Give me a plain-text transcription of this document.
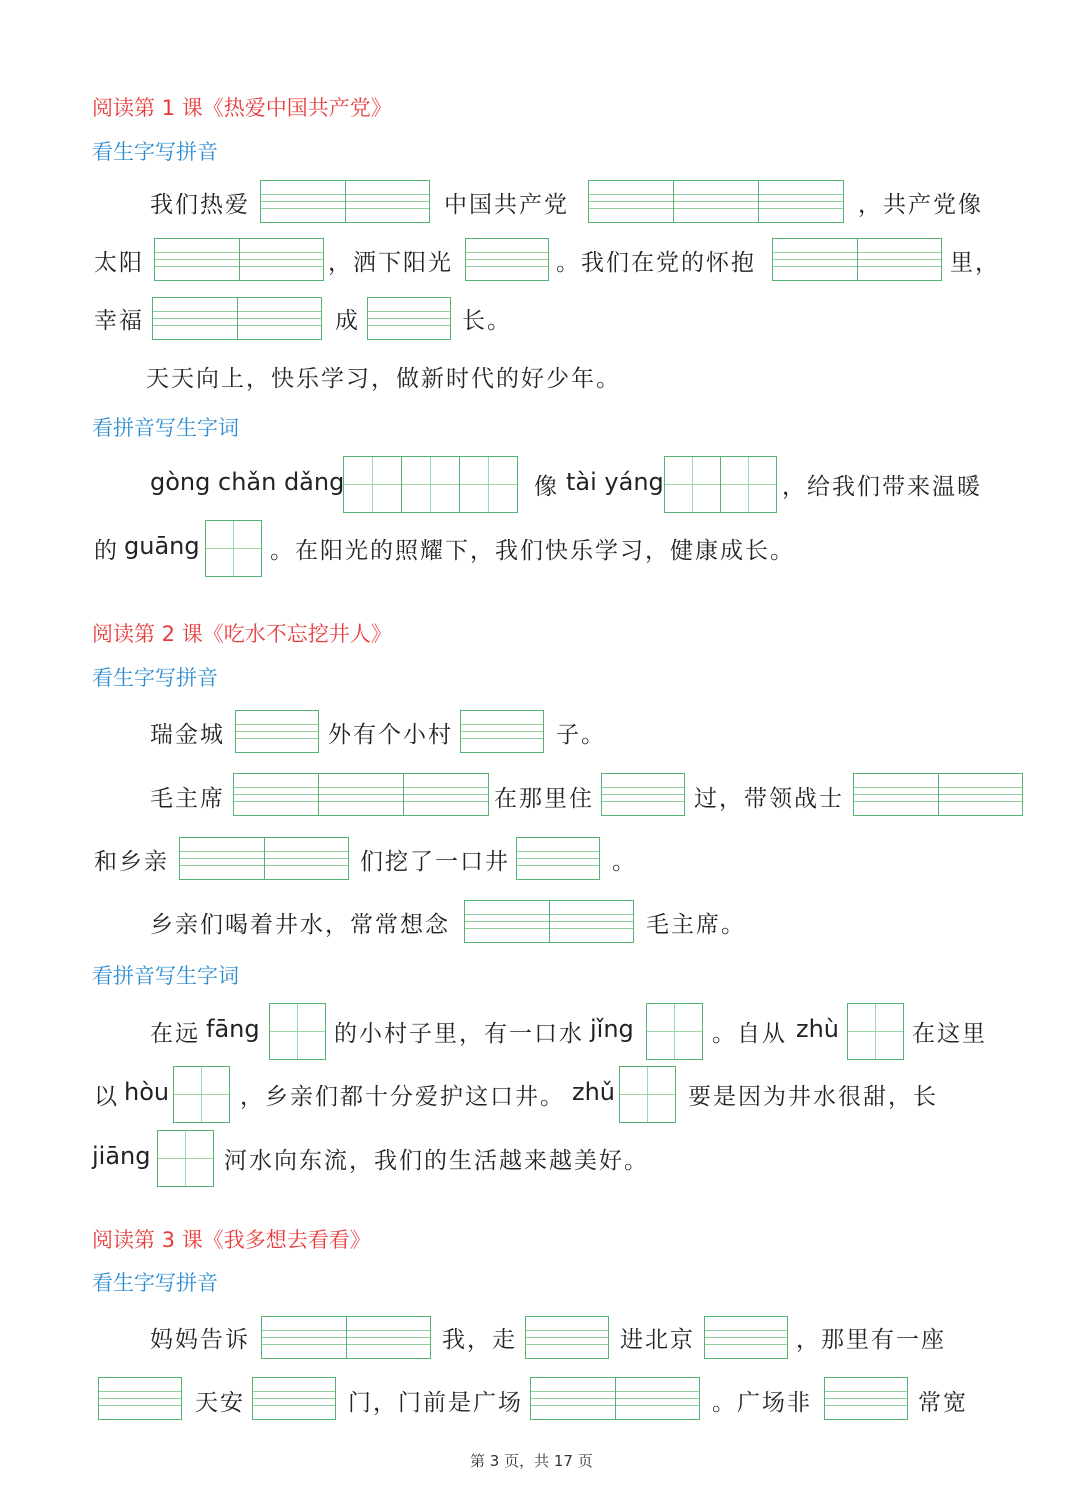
阅读第 1 课《热爱中国共产党》
看生字写拼音
我们热爱	中国共产党	，共产党像
太阳	，洒下阳光	。我们在党的怀抱	里，
幸福	成	长。
天天向上，快乐学习，做新时代的好少年。
看拼音写生字词
gòng chǎn dǎng	像 tài yáng	，给我们带来温暖
的 guāng	。在阳光的照耀下，我们快乐学习，健康成长。
阅读第 2 课《吃水不忘挖井人》
看生字写拼音
瑞金城	外有个小村	子。
毛主席	在那里住	过，带领战士
和乡亲	们挖了一口井	。
乡亲们喝着井水，常常想念	毛主席。
看拼音写生字词
在远 fāng	的小村子里，有一口水 jǐng	。自从 zhù	在这里
以 hòu	，乡亲们都十分爱护这口井。 zhǔ	要是因为井水很甜，长
jiāng	河水向东流，我们的生活越来越美好。
阅读第 3 课《我多想去看看》
看生字写拼音
妈妈告诉	我，走	进北京	，那里有一座
天安	门，门前是广场	。广场非	常宽
第 3 页，共 17 页
